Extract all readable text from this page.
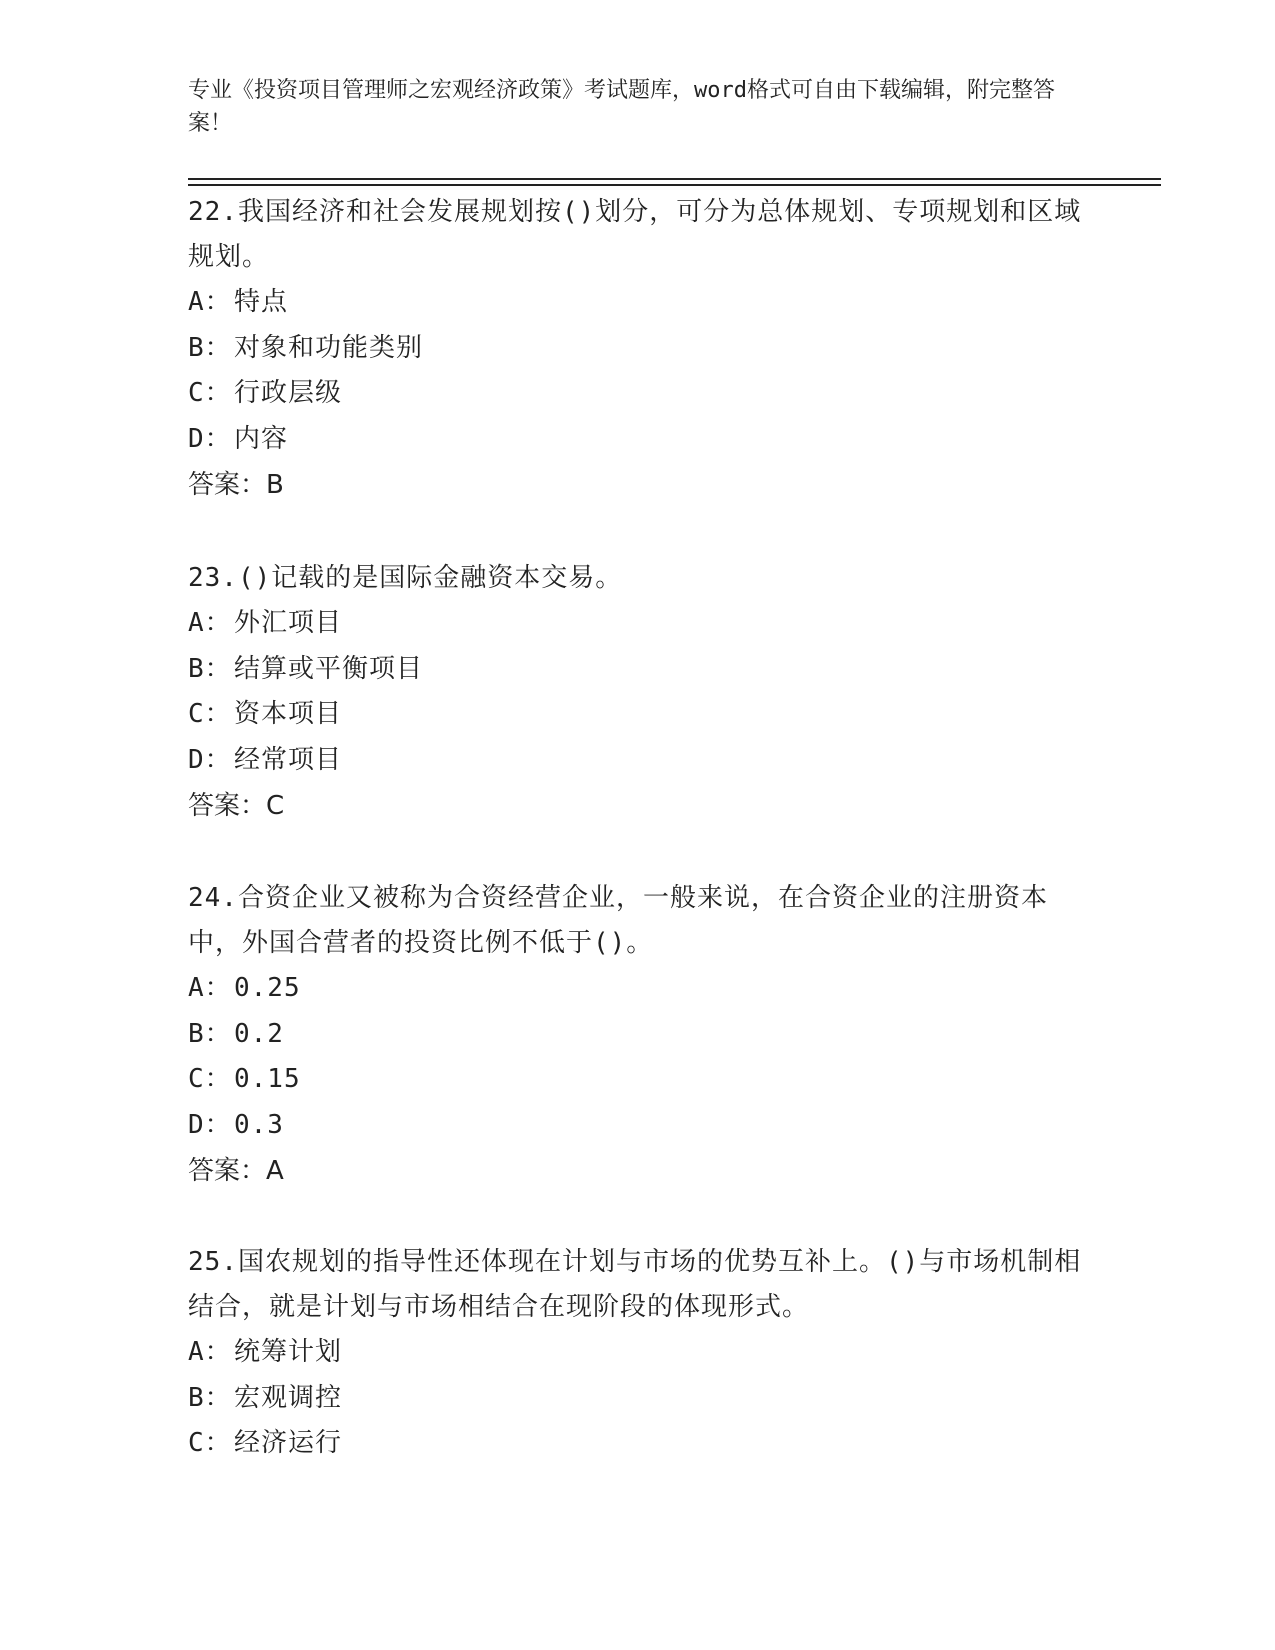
专业《投资项目管理师之宏观经济政策》考试题库，word格式可自由下载编辑，附完整答案！

22.我国经济和社会发展规划按()划分，可分为总体规划、专项规划和区域规划。

A：特点
B：对象和功能类别
C：行政层级
D：内容
答案：B

23.()记载的是国际金融资本交易。

A：外汇项目
B：结算或平衡项目
C：资本项目
D：经常项目
答案：C

24.合资企业又被称为合资经营企业，一般来说，在合资企业的注册资本中，外国合营者的投资比例不低于()。

A：0.25
B：0.2
C：0.15
D：0.3
答案：A

25.国农规划的指导性还体现在计划与市场的优势互补上。()与市场机制相结合，就是计划与市场相结合在现阶段的体现形式。

A：统筹计划
B：宏观调控
C：经济运行
